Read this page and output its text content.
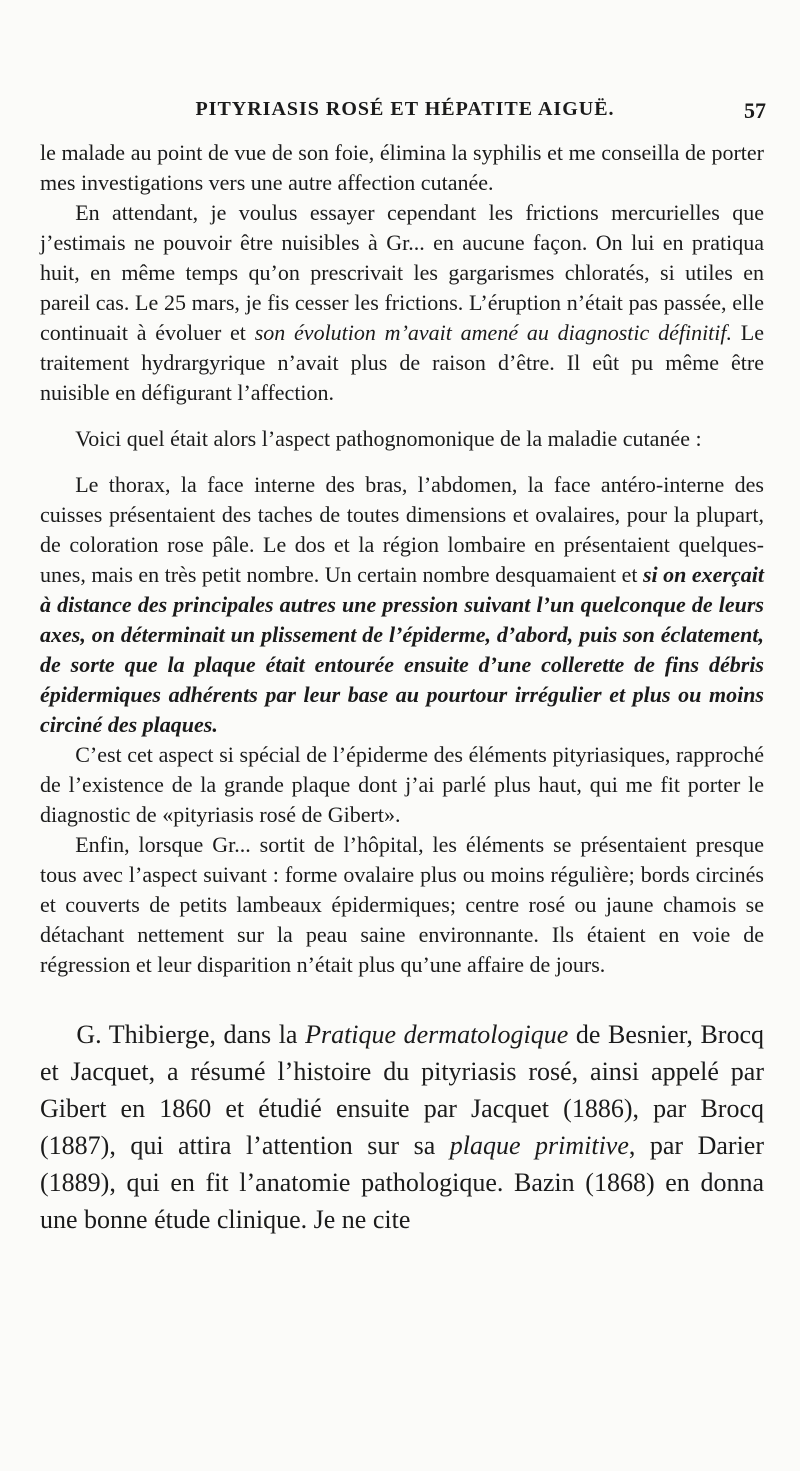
PITYRIASIS ROSÉ ET HÉPATITE AIGUË.	57

le malade au point de vue de son foie, élimina la syphilis et me conseilla de porter mes investigations vers une autre affection cutanée.

En attendant, je voulus essayer cependant les frictions mercurielles que j’estimais ne pouvoir être nuisibles à Gr... en aucune façon. On lui en pratiqua huit, en même temps qu’on prescrivait les gargarismes chloratés, si utiles en pareil cas. Le 25 mars, je fis cesser les frictions. L’éruption n’était pas passée, elle continuait à évoluer et son évolution m’avait amené au diagnostic définitif. Le traitement hydrargyrique n’avait plus de raison d’être. Il eût pu même être nuisible en défigurant l’affection.

Voici quel était alors l’aspect pathognomonique de la maladie cutanée :

Le thorax, la face interne des bras, l’abdomen, la face antéro-interne des cuisses présentaient des taches de toutes dimensions et ovalaires, pour la plupart, de coloration rose pâle. Le dos et la région lombaire en présentaient quelques-unes, mais en très petit nombre. Un certain nombre desquamaient et si on exerçait à distance des principales autres une pression suivant l’un quelconque de leurs axes, on déterminait un plissement de l’épiderme, d’abord, puis son éclatement, de sorte que la plaque était entourée ensuite d’une collerette de fins débris épidermiques adhérents par leur base au pourtour irrégulier et plus ou moins circiné des plaques.

C’est cet aspect si spécial de l’épiderme des éléments pityriasiques, rapproché de l’existence de la grande plaque dont j’ai parlé plus haut, qui me fit porter le diagnostic de «pityriasis rosé de Gibert».

Enfin, lorsque Gr... sortit de l’hôpital, les éléments se présentaient presque tous avec l’aspect suivant : forme ovalaire plus ou moins régulière; bords circinés et couverts de petits lambeaux épidermiques; centre rosé ou jaune chamois se détachant nettement sur la peau saine environnante. Ils étaient en voie de régression et leur disparition n’était plus qu’une affaire de jours.

G. Thibierge, dans la Pratique dermatologique de Besnier, Brocq et Jacquet, a résumé l’histoire du pityriasis rosé, ainsi appelé par Gibert en 1860 et étudié ensuite par Jacquet (1886), par Brocq (1887), qui attira l’attention sur sa plaque primitive, par Darier (1889), qui en fit l’anatomie pathologique. Bazin (1868) en donna une bonne étude clinique. Je ne cite
